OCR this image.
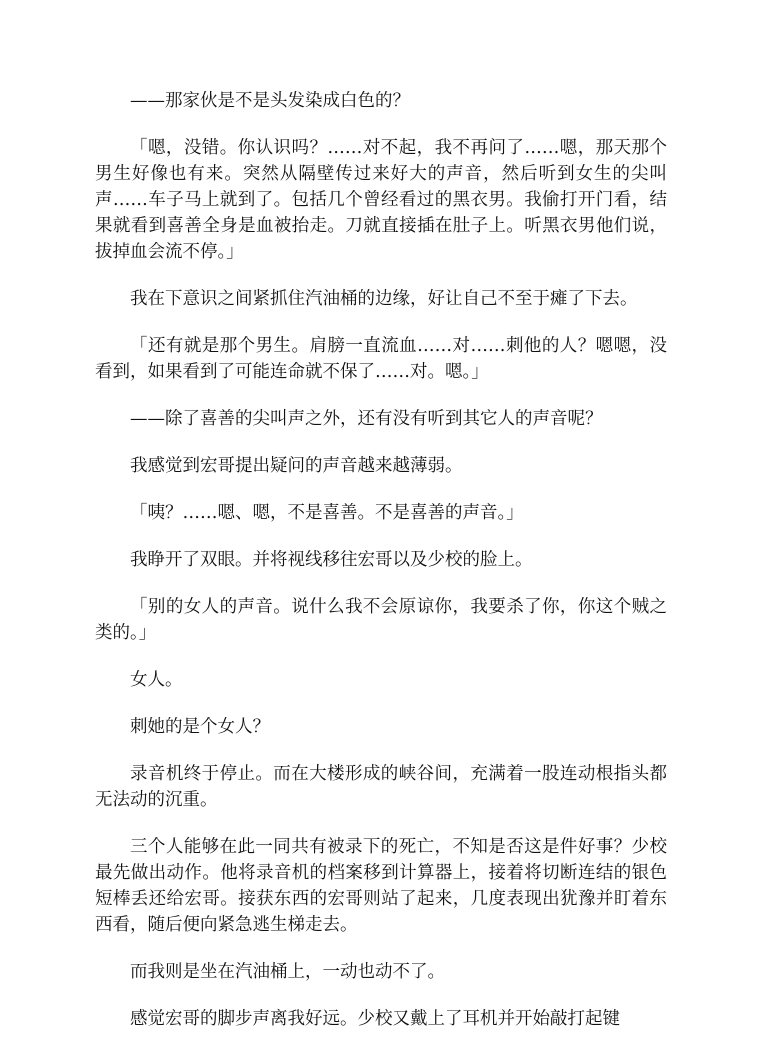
——那家伙是不是头发染成白色的？

「嗯，没错。你认识吗？……对不起，我不再问了……嗯，那天那个男生好像也有来。突然从隔壁传过来好大的声音，然后听到女生的尖叫声……车子马上就到了。包括几个曾经看过的黑衣男。我偷打开门看，结果就看到喜善全身是血被抬走。刀就直接插在肚子上。听黑衣男他们说，拔掉血会流不停。」

我在下意识之间紧抓住汽油桶的边缘，好让自己不至于瘫了下去。

「还有就是那个男生。肩膀一直流血……对……刺他的人？嗯嗯，没看到，如果看到了可能连命就不保了……对。嗯。」

——除了喜善的尖叫声之外，还有没有听到其它人的声音呢？

我感觉到宏哥提出疑问的声音越来越薄弱。

「咦？……嗯、嗯，不是喜善。不是喜善的声音。」

我睁开了双眼。并将视线移往宏哥以及少校的脸上。

「别的女人的声音。说什么我不会原谅你，我要杀了你，你这个贼之类的。」

女人。

刺她的是个女人？

录音机终于停止。而在大楼形成的峡谷间，充满着一股连动根指头都无法动的沉重。

三个人能够在此一同共有被录下的死亡，不知是否这是件好事？少校最先做出动作。他将录音机的档案移到计算器上，接着将切断连结的银色短棒丢还给宏哥。接获东西的宏哥则站了起来，几度表现出犹豫并盯着东西看，随后便向紧急逃生梯走去。

而我则是坐在汽油桶上，一动也动不了。

感觉宏哥的脚步声离我好远。少校又戴上了耳机并开始敲打起键
